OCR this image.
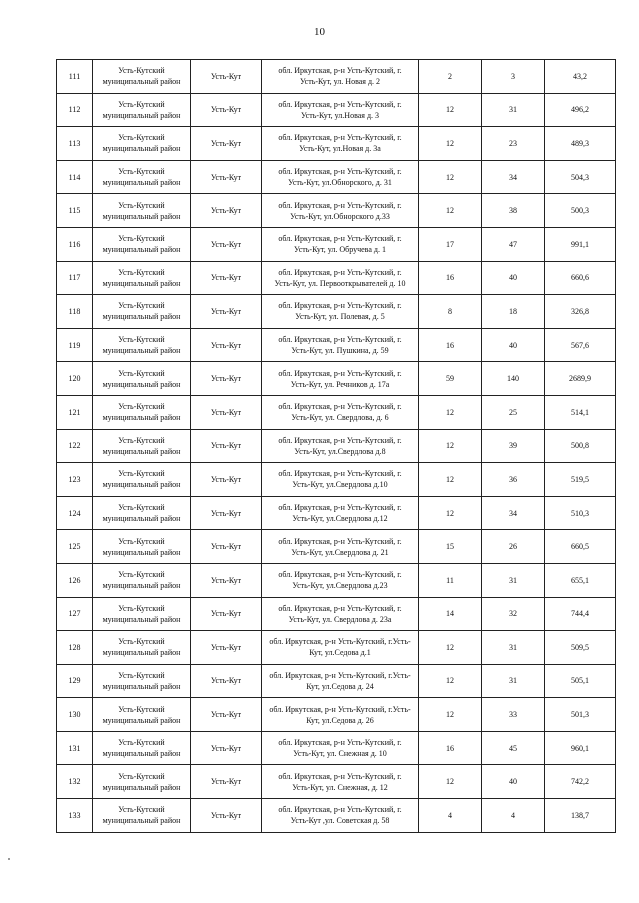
10
111	Усть-Кутский
муниципальный район	Усть-Кут	обл. Иркутская, р-н Усть-Кутский, г.
Усть-Кут, ул. Новая д. 2	2	3	43,2
112	Усть-Кутский
муниципальный район	Усть-Кут	обл. Иркутская, р-н Усть-Кутский, г.
Усть-Кут, ул.Новая д. 3	12	31	496,2
113	Усть-Кутский
муниципальный район	Усть-Кут	обл. Иркутская, р-н Усть-Кутский, г.
Усть-Кут, ул.Новая д. 3а	12	23	489,3
114	Усть-Кутский
муниципальный район	Усть-Кут	обл. Иркутская, р-н Усть-Кутский, г.
Усть-Кут, ул.Обнорского, д. 31	12	34	504,3
115	Усть-Кутский
муниципальный район	Усть-Кут	обл. Иркутская, р-н Усть-Кутский, г.
Усть-Кут, ул.Обнорского д.33	12	38	500,3
116	Усть-Кутский
муниципальный район	Усть-Кут	обл. Иркутская, р-н Усть-Кутский, г.
Усть-Кут, ул. Обручева д. 1	17	47	991,1
117	Усть-Кутский
муниципальный район	Усть-Кут	обл. Иркутская, р-н Усть-Кутский, г.
Усть-Кут, ул. Первооткрывателей д. 10	16	40	660,6
118	Усть-Кутский
муниципальный район	Усть-Кут	обл. Иркутская, р-н Усть-Кутский, г.
Усть-Кут, ул. Полевая, д. 5	8	18	326,8
119	Усть-Кутский
муниципальный район	Усть-Кут	обл. Иркутская, р-н Усть-Кутский, г.
Усть-Кут, ул. Пушкина, д. 59	16	40	567,6
120	Усть-Кутский
муниципальный район	Усть-Кут	обл. Иркутская, р-н Усть-Кутский, г.
Усть-Кут, ул. Речников д. 17а	59	140	2689,9
121	Усть-Кутский
муниципальный район	Усть-Кут	обл. Иркутская, р-н Усть-Кутский, г.
Усть-Кут, ул. Свердлова, д. 6	12	25	514,1
122	Усть-Кутский
муниципальный район	Усть-Кут	обл. Иркутская, р-н Усть-Кутский, г.
Усть-Кут, ул.Свердлова д.8	12	39	500,8
123	Усть-Кутский
муниципальный район	Усть-Кут	обл. Иркутская, р-н Усть-Кутский, г.
Усть-Кут, ул.Свердлова д.10	12	36	519,5
124	Усть-Кутский
муниципальный район	Усть-Кут	обл. Иркутская, р-н Усть-Кутский, г.
Усть-Кут, ул.Свердлова д.12	12	34	510,3
125	Усть-Кутский
муниципальный район	Усть-Кут	обл. Иркутская, р-н Усть-Кутский, г.
Усть-Кут, ул.Свердлова д. 21	15	26	660,5
126	Усть-Кутский
муниципальный район	Усть-Кут	обл. Иркутская, р-н Усть-Кутский, г.
Усть-Кут, ул.Свердлова д.23	11	31	655,1
127	Усть-Кутский
муниципальный район	Усть-Кут	обл. Иркутская, р-н Усть-Кутский, г.
Усть-Кут, ул. Свердлова д. 23а	14	32	744,4
128	Усть-Кутский
муниципальный район	Усть-Кут	обл. Иркутская, р-н Усть-Кутский, г.Усть-
Кут, ул.Седова д.1	12	31	509,5
129	Усть-Кутский
муниципальный район	Усть-Кут	обл. Иркутская, р-н Усть-Кутский, г.Усть-
Кут, ул.Седова д. 24	12	31	505,1
130	Усть-Кутский
муниципальный район	Усть-Кут	обл. Иркутская, р-н Усть-Кутский, г.Усть-
Кут, ул.Седова д. 26	12	33	501,3
131	Усть-Кутский
муниципальный район	Усть-Кут	обл. Иркутская, р-н Усть-Кутский, г.
Усть-Кут, ул. Снежная д. 10	16	45	960,1
132	Усть-Кутский
муниципальный район	Усть-Кут	обл. Иркутская, р-н Усть-Кутский, г.
Усть-Кут, ул. Снежная, д. 12	12	40	742,2
133	Усть-Кутский
муниципальный район	Усть-Кут	обл. Иркутская, р-н Усть-Кутский, г.
Усть-Кут ,ул. Советская д. 58	4	4	138,7
